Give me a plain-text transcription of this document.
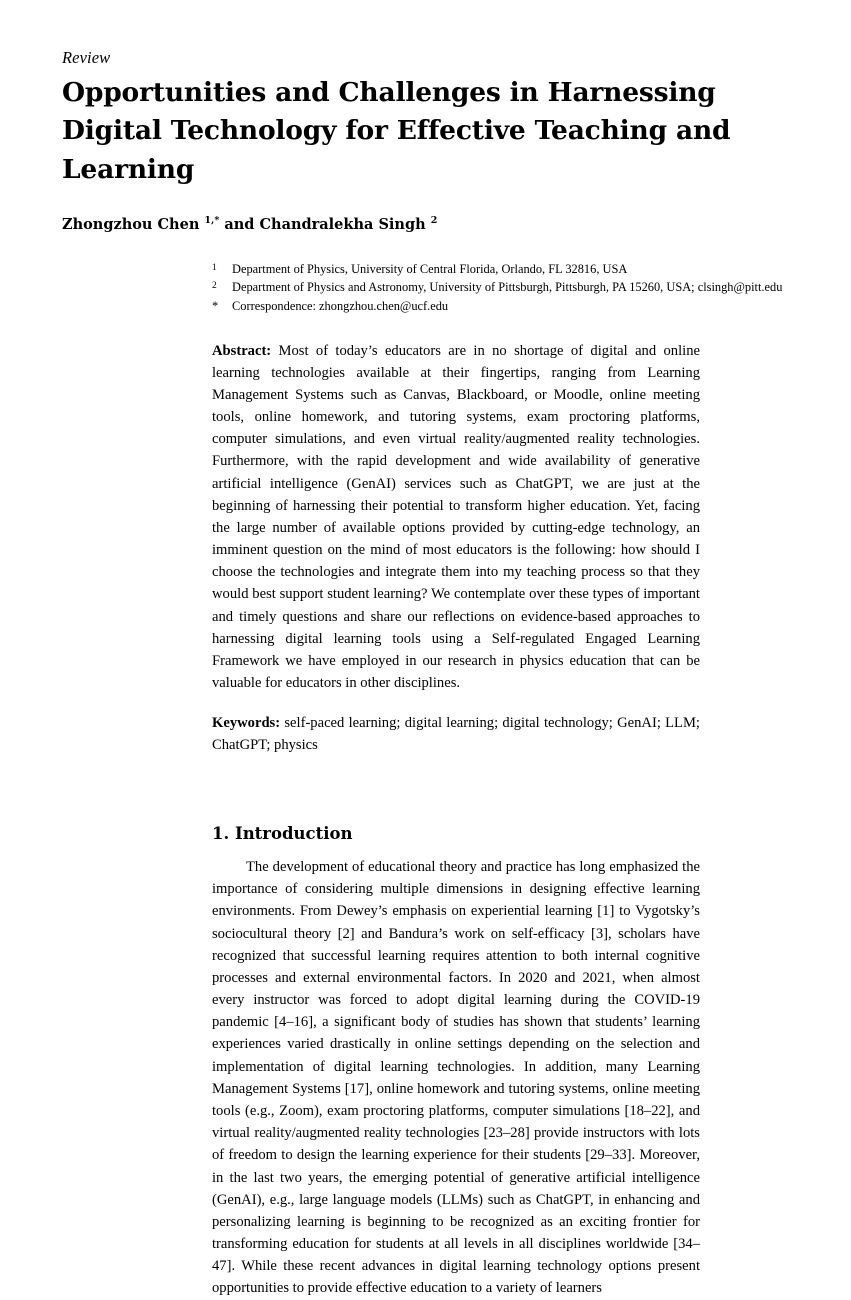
Review
Opportunities and Challenges in Harnessing Digital Technology for Effective Teaching and Learning
Zhongzhou Chen $^{1,*}$ and Chandralekha Singh $^2$
1	Department of Physics, University of Central Florida, Orlando, FL 32816, USA
2	Department of Physics and Astronomy, University of Pittsburgh, Pittsburgh, PA 15260, USA; clsingh@pitt.edu
*	Correspondence: zhongzhou.chen@ucf.edu
Abstract: Most of today’s educators are in no shortage of digital and online learning technologies available at their fingertips, ranging from Learning Management Systems such as Canvas, Blackboard, or Moodle, online meeting tools, online homework, and tutoring systems, exam proctoring platforms, computer simulations, and even virtual reality/augmented reality technologies. Furthermore, with the rapid development and wide availability of generative artificial intelligence (GenAI) services such as ChatGPT, we are just at the beginning of harnessing their potential to transform higher education. Yet, facing the large number of available options provided by cutting-edge technology, an imminent question on the mind of most educators is the following: how should I choose the technologies and integrate them into my teaching process so that they would best support student learning? We contemplate over these types of important and timely questions and share our reflections on evidence-based approaches to harnessing digital learning tools using a Self-regulated Engaged Learning Framework we have employed in our research in physics education that can be valuable for educators in other disciplines.
Keywords: self-paced learning; digital learning; digital technology; GenAI; LLM; ChatGPT; physics
1. Introduction
The development of educational theory and practice has long emphasized the importance of considering multiple dimensions in designing effective learning environments. From Dewey’s emphasis on experiential learning [1] to Vygotsky’s sociocultural theory [2] and Bandura’s work on self-efficacy [3], scholars have recognized that successful learning requires attention to both internal cognitive processes and external environmental factors. In 2020 and 2021, when almost every instructor was forced to adopt digital learning during the COVID-19 pandemic [4–16], a significant body of studies has shown that students’ learning experiences varied drastically in online settings depending on the selection and implementation of digital learning technologies. In addition, many Learning Management Systems [17], online homework and tutoring systems, online meeting tools (e.g., Zoom), exam proctoring platforms, computer simulations [18–22], and virtual reality/augmented reality technologies [23–28] provide instructors with lots of freedom to design the learning experience for their students [29–33]. Moreover, in the last two years, the emerging potential of generative artificial intelligence (GenAI), e.g., large language models (LLMs) such as ChatGPT, in enhancing and personalizing learning is beginning to be recognized as an exciting frontier for transforming education for students at all levels in all disciplines worldwide [34–47]. While these recent advances in digital learning technology options present opportunities to provide effective education to a variety of learners
